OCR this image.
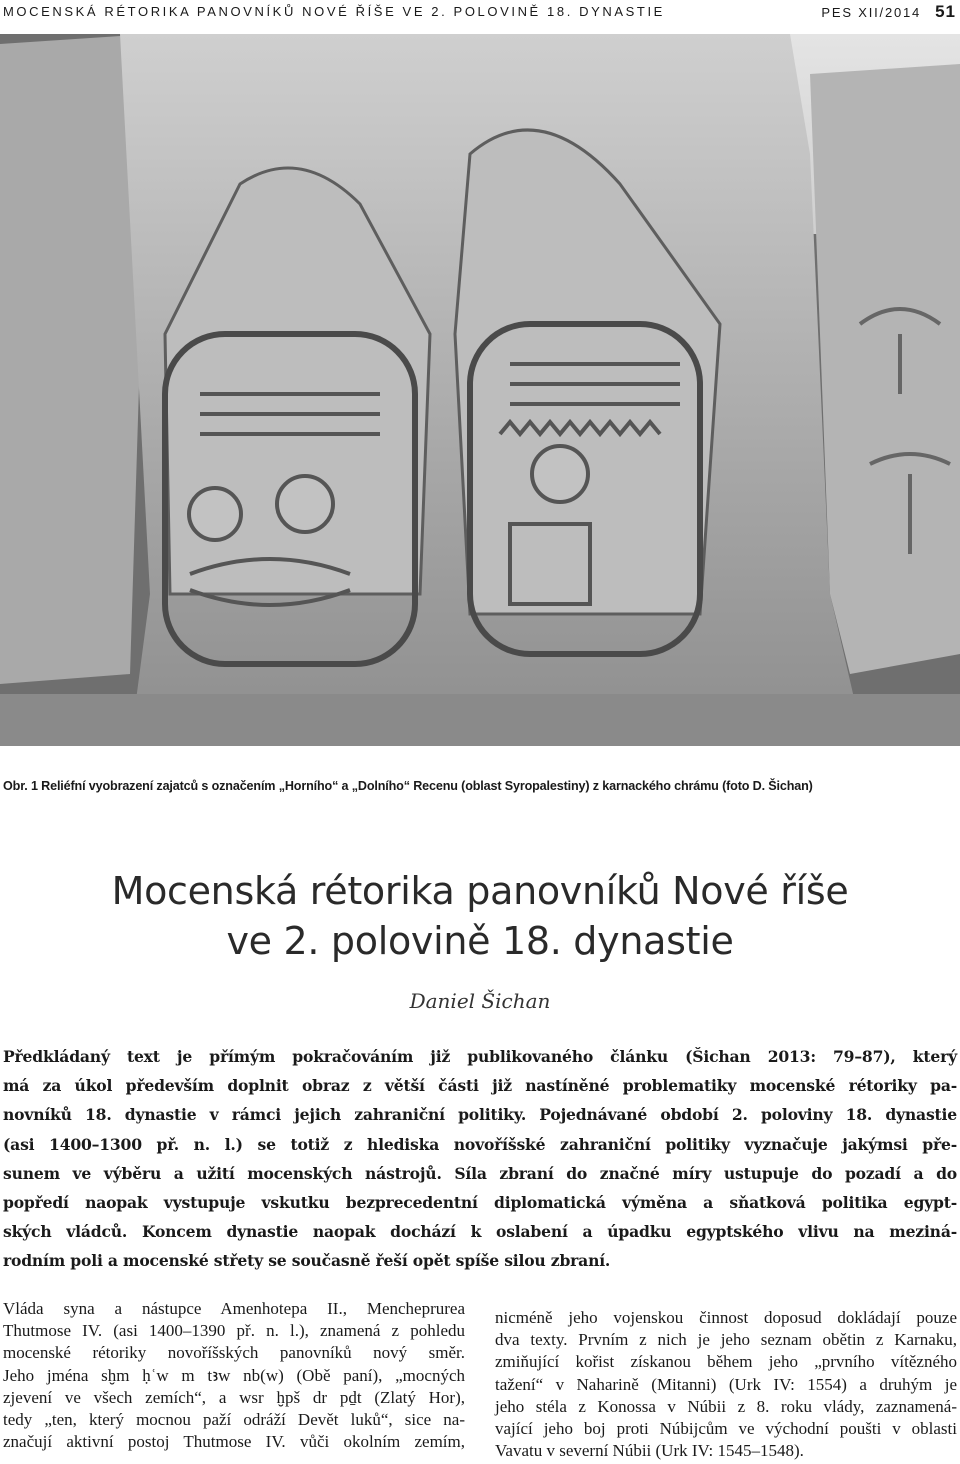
MOCENSKÁ RÉTORIKA PANOVNÍKŮ NOVÉ ŘÍŠE VE 2. POLOVINĚ 18. DYNASTIE	PES XII/2014 51
Obr. 1 Reliéfní vyobrazení zajatců s označením „Horního“ a „Dolního“ Recenu (oblast Syropalestiny) z karnackého chrámu (foto D. Šichan)
Mocenská rétorika panovníků Nové říše
ve 2. polovině 18. dynastie
Daniel Šichan
Předkládaný text je přímým pokračováním již publikovaného článku (Šichan 2013: 79–87), který
má za úkol především doplnit obraz z větší části již nastíněné problematiky mocenské rétoriky pa-
novníků 18. dynastie v rámci jejich zahraniční politiky. Pojednávané období 2. poloviny 18. dynastie
(asi 1400–1300 př. n. l.) se totiž z hlediska novoříšské zahraniční politiky vyznačuje jakýmsi pře-
sunem ve výběru a užití mocenských nástrojů. Síla zbraní do značné míry ustupuje do pozadí a do
popředí naopak vystupuje vskutku bezprecedentní diplomatická výměna a sňatková politika egypt-
ských vládců. Koncem dynastie naopak dochází k oslabení a úpadku egyptského vlivu na meziná-
rodním poli a mocenské střety se současně řeší opět spíše silou zbraní.
Vláda syna a nástupce Amenhotepa II., Mencheprurea
Thutmose IV. (asi 1400–1390 př. n. l.), znamená z pohledu
mocenské rétoriky novoříšských panovníků nový směr.
Jeho jména sḫm ḥʿw m tꜣw nb(w) (Obě paní), „mocných
zjevení ve všech zemích“, a wsr ḫpš dr pḏt (Zlatý Hor),
tedy „ten, který mocnou paží odráží Devět luků“, sice na-
značují aktivní postoj Thutmose IV. vůči okolním zemím,
nicméně jeho vojenskou činnost doposud dokládají pouze
dva texty. Prvním z nich je jeho seznam obětin z Karnaku,
zmiňující kořist získanou během jeho „prvního vítězného
tažení“ v Naharině (Mitanni) (Urk IV: 1554) a druhým je
jeho stéla z Konossa v Núbii z 8. roku vlády, zaznamená-
vající jeho boj proti Núbijcům ve východní poušti v oblasti
Vavatu v severní Núbii (Urk IV: 1545–1548).
